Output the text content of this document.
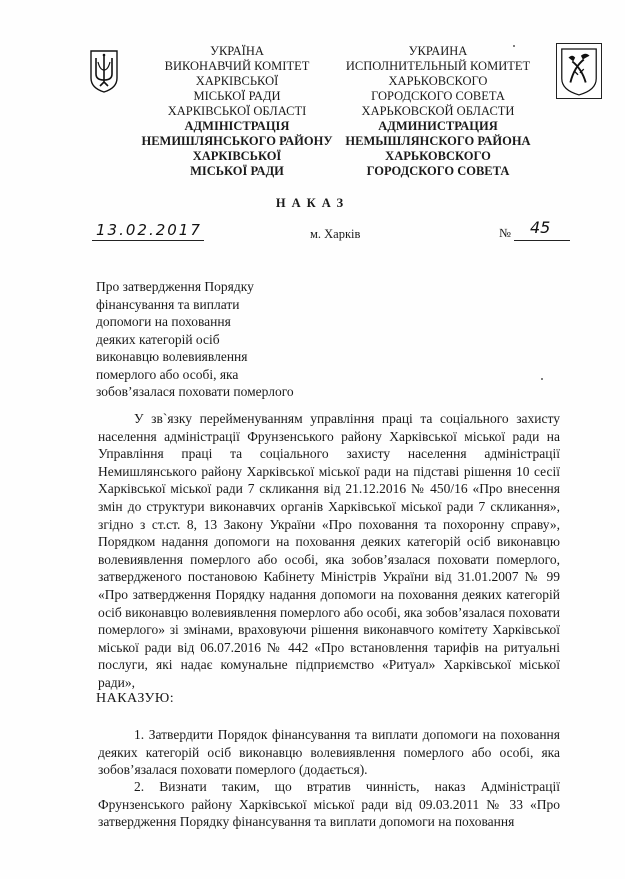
УКРАЇНА
ВИКОНАВЧИЙ КОМІТЕТ
ХАРКІВСЬКОЇ
МІСЬКОЇ РАДИ
ХАРКІВСЬКОЇ ОБЛАСТІ
АДМІНІСТРАЦІЯ
НЕМИШЛЯНСЬКОГО РАЙОНУ
ХАРКІВСЬКОЇ
МІСЬКОЇ РАДИ
УКРАИНА
ИСПОЛНИТЕЛЬНЫЙ КОМИТЕТ
ХАРЬКОВСКОГО
ГОРОДСКОГО СОВЕТА
ХАРЬКОВСКОЙ ОБЛАСТИ
АДМИНИСТРАЦИЯ
НЕМЫШЛЯНСКОГО РАЙОНА
ХАРЬКОВСКОГО
ГОРОДСКОГО СОВЕТА
НАКАЗ
13.02.2017	м. Харків	№ 45
Про затвердження Порядку
фінансування та виплати
допомоги на поховання
деяких категорій осіб
виконавцю волевиявлення
померлого або особі, яка
зобов’язалася поховати померлого
У зв`язку перейменуванням управління праці та соціального захисту населення адміністрації Фрунзенського району Харківської міської ради на Управління праці та соціального захисту населення адміністрації Немишлянського району Харківської міської ради на підставі рішення 10 сесії Харківської міської ради 7 скликання від 21.12.2016 № 450/16 «Про внесення змін до структури виконавчих органів Харківської міської ради 7 скликання», згідно з ст.ст. 8, 13 Закону України «Про поховання та похоронну справу», Порядком надання допомоги на поховання деяких категорій осіб виконавцю волевиявлення померлого або особі, яка зобов’язалася поховати померлого, затвердженого постановою Кабінету Міністрів України від 31.01.2007 № 99 «Про затвердження Порядку надання допомоги на поховання деяких категорій осіб виконавцю волевиявлення померлого або особі, яка зобов’язалася поховати померлого» зі змінами, враховуючи рішення виконавчого комітету Харківської міської ради від 06.07.2016 № 442 «Про встановлення тарифів на ритуальні послуги, які надає комунальне підприємство «Ритуал» Харківської міської ради»,
НАКАЗУЮ:
1. Затвердити Порядок фінансування та виплати допомоги на поховання деяких категорій осіб виконавцю волевиявлення померлого або особі, яка зобов’язалася поховати померлого (додається).
2. Визнати таким, що втратив чинність, наказ Адміністрації Фрунзенського району Харківської міської ради від 09.03.2011 № 33 «Про затвердження Порядку фінансування та виплати допомоги на поховання
